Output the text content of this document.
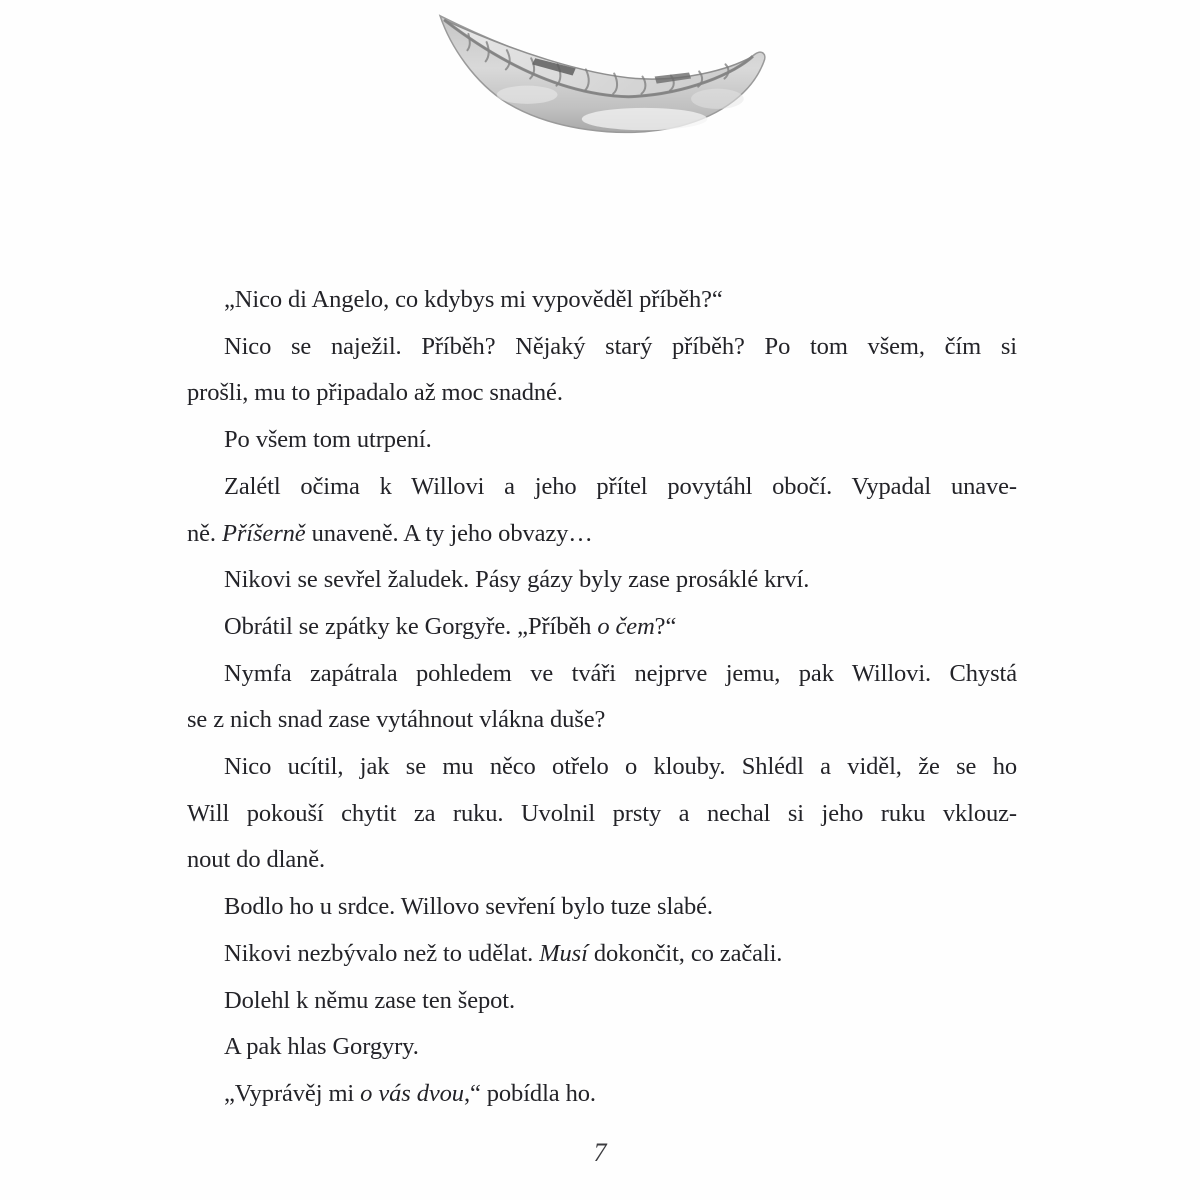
„Nico di Angelo, co kdybys mi vypověděl příběh?“
Nico se naježil. Příběh? Nějaký starý příběh? Po tom všem, čím si
prošli, mu to připadalo až moc snadné.
Po všem tom utrpení.
Zalétl očima k Willovi a jeho přítel povytáhl obočí. Vypadal unave-
ně. Příšerně unaveně. A ty jeho obvazy…
Nikovi se sevřel žaludek. Pásy gázy byly zase prosáklé krví.
Obrátil se zpátky ke Gorgyře. „Příběh o čem?“
Nymfa zapátrala pohledem ve tváři nejprve jemu, pak Willovi. Chystá
se z nich snad zase vytáhnout vlákna duše?
Nico ucítil, jak se mu něco otřelo o klouby. Shlédl a viděl, že se ho
Will pokouší chytit za ruku. Uvolnil prsty a nechal si jeho ruku vklouz-
nout do dlaně.
Bodlo ho u srdce. Willovo sevření bylo tuze slabé.
Nikovi nezbývalo než to udělat. Musí dokončit, co začali.
Dolehl k němu zase ten šepot.
A pak hlas Gorgyry.
„Vyprávěj mi o vás dvou,“ pobídla ho.
7
